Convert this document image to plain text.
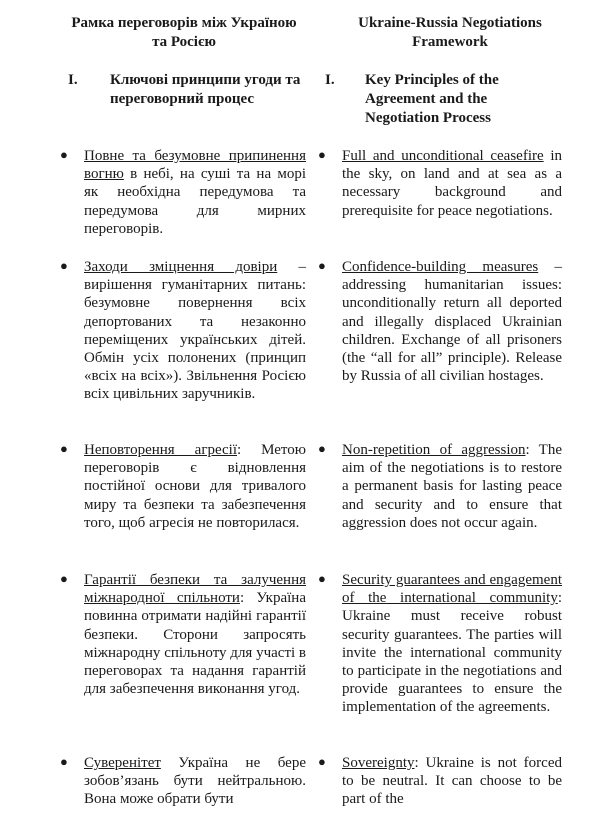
Рамка переговорів між Україною та Росією
Ukraine-Russia Negotiations Framework
I.	Ключові принципи угоди та переговорний процес
I.	Key Principles of the Agreement and the Negotiation Process
● Повне та безумовне припинення вогню в небі, на суші та на морі як необхідна передумова та передумова для мирних переговорів.
● Full and unconditional ceasefire in the sky, on land and at sea as a necessary background and prerequisite for peace negotiations.
● Заходи зміцнення довіри – вирішення гуманітарних питань: безумовне повернення всіх депортованих та незаконно переміщених українських дітей. Обмін усіх полонених (принцип «всіх на всіх»). Звільнення Росією всіх цивільних заручників.
● Confidence-building measures – addressing humanitarian issues: unconditionally return all deported and illegally displaced Ukrainian children. Exchange of all prisoners (the “all for all” principle). Release by Russia of all civilian hostages.
● Неповторення агресії: Метою переговорів є відновлення постійної основи для тривалого миру та безпеки та забезпечення того, щоб агресія не повторилася.
● Non-repetition of aggression: The aim of the negotiations is to restore a permanent basis for lasting peace and security and to ensure that aggression does not occur again.
● Гарантії безпеки та залучення міжнародної спільноти: Україна повинна отримати надійні гарантії безпеки. Сторони запросять міжнародну спільноту для участі в переговорах та надання гарантій для забезпечення виконання угод.
● Security guarantees and engagement of the international community: Ukraine must receive robust security guarantees. The parties will invite the international community to participate in the negotiations and provide guarantees to ensure the implementation of the agreements.
● Суверенітет Україна не бере зобов’язань бути нейтральною. Вона може обрати бути
● Sovereignty: Ukraine is not forced to be neutral. It can choose to be part of the
